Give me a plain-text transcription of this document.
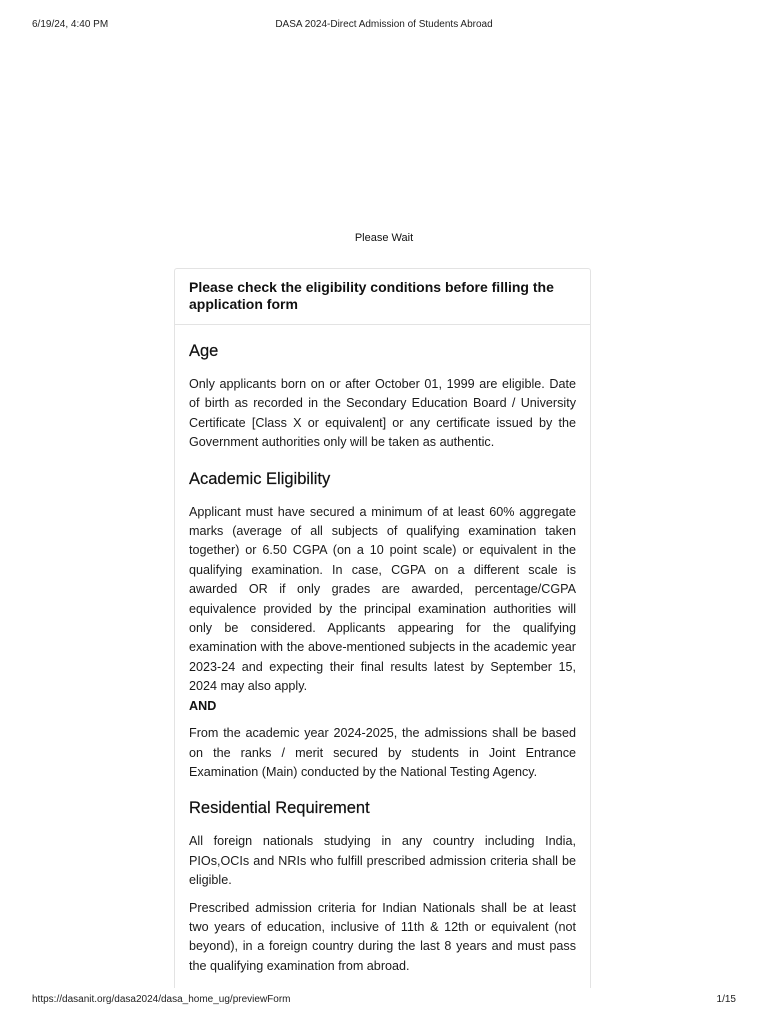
6/19/24, 4:40 PM	DASA 2024-Direct Admission of Students Abroad
Please Wait
Please check the eligibility conditions before filling the application form
Age

Only applicants born on or after October 01, 1999 are eligible. Date of birth as recorded in the Secondary Education Board / University Certificate [Class X or equivalent] or any certificate issued by the Government authorities only will be taken as authentic.

Academic Eligibility

Applicant must have secured a minimum of at least 60% aggregate marks (average of all subjects of qualifying examination taken together) or 6.50 CGPA (on a 10 point scale) or equivalent in the qualifying examination. In case, CGPA on a different scale is awarded OR if only grades are awarded, percentage/CGPA equivalence provided by the principal examination authorities will only be considered. Applicants appearing for the qualifying examination with the above-mentioned subjects in the academic year 2023-24 and expecting their final results latest by September 15, 2024 may also apply.

AND

From the academic year 2024-2025, the admissions shall be based on the ranks / merit secured by students in Joint Entrance Examination (Main) conducted by the National Testing Agency.

Residential Requirement

All foreign nationals studying in any country including India, PIOs,OCIs and NRIs who fulfill prescribed admission criteria shall be eligible.

Prescribed admission criteria for Indian Nationals shall be at least two years of education, inclusive of 11th & 12th or equivalent (not beyond), in a foreign country during the last 8 years and must pass the qualifying examination from abroad.

https://dasanit.org/dasa2024/dasa_home_ug/previewForm	1/15
